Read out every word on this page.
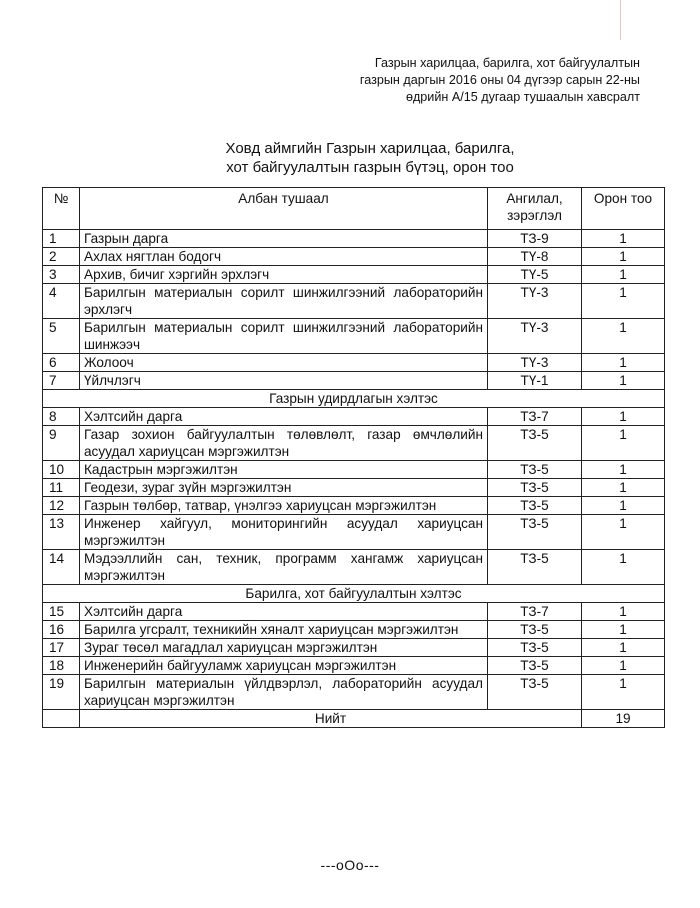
Газрын харилцаа, барилга, хот байгуулалтын
газрын даргын 2016 оны 04 дүгээр сарын 22-ны
өдрийн А/15 дугаар тушаалын хавсралт
Ховд аймгийн Газрын харилцаа, барилга,
хот байгуулалтын газрын бүтэц, орон тоо
№	Албан тушаал	Ангилал, зэрэглэл	Орон тоо
1	Газрын дарга	ТЗ-9	1
2	Ахлах нягтлан бодогч	ТҮ-8	1
3	Архив, бичиг хэргийн эрхлэгч	ТҮ-5	1
4	Барилгын материалын сорилт шинжилгээний лабораторийн эрхлэгч	ТҮ-3	1
5	Барилгын материалын сорилт шинжилгээний лабораторийн шинжээч	ТҮ-3	1
6	Жолооч	ТҮ-3	1
7	Үйлчлэгч	ТҮ-1	1
Газрын удирдлагын хэлтэс			
8	Хэлтсийн дарга	ТЗ-7	1
9	Газар зохион байгуулалтын төлөвлөлт, газар өмчлөлийн асуудал хариуцсан мэргэжилтэн	ТЗ-5	1
10	Кадастрын мэргэжилтэн	ТЗ-5	1
11	Геодези, зураг зүйн мэргэжилтэн	ТЗ-5	1
12	Газрын төлбөр, татвар, үнэлгээ хариуцсан мэргэжилтэн	ТЗ-5	1
13	Инженер хайгуул, мониторингийн асуудал хариуцсан мэргэжилтэн	ТЗ-5	1
14	Мэдээллийн сан, техник, программ хангамж хариуцсан мэргэжилтэн	ТЗ-5	1
Барилга, хот байгуулалтын хэлтэс			
15	Хэлтсийн дарга	ТЗ-7	1
16	Барилга угсралт, техникийн хяналт хариуцсан мэргэжилтэн	ТЗ-5	1
17	Зураг төсөл магадлал хариуцсан мэргэжилтэн	ТЗ-5	1
18	Инженерийн байгууламж хариуцсан мэргэжилтэн	ТЗ-5	1
19	Барилгын материалын үйлдвэрлэл, лабораторийн асуудал хариуцсан мэргэжилтэн	ТЗ-5	1
	Нийт		19
---oOo---
